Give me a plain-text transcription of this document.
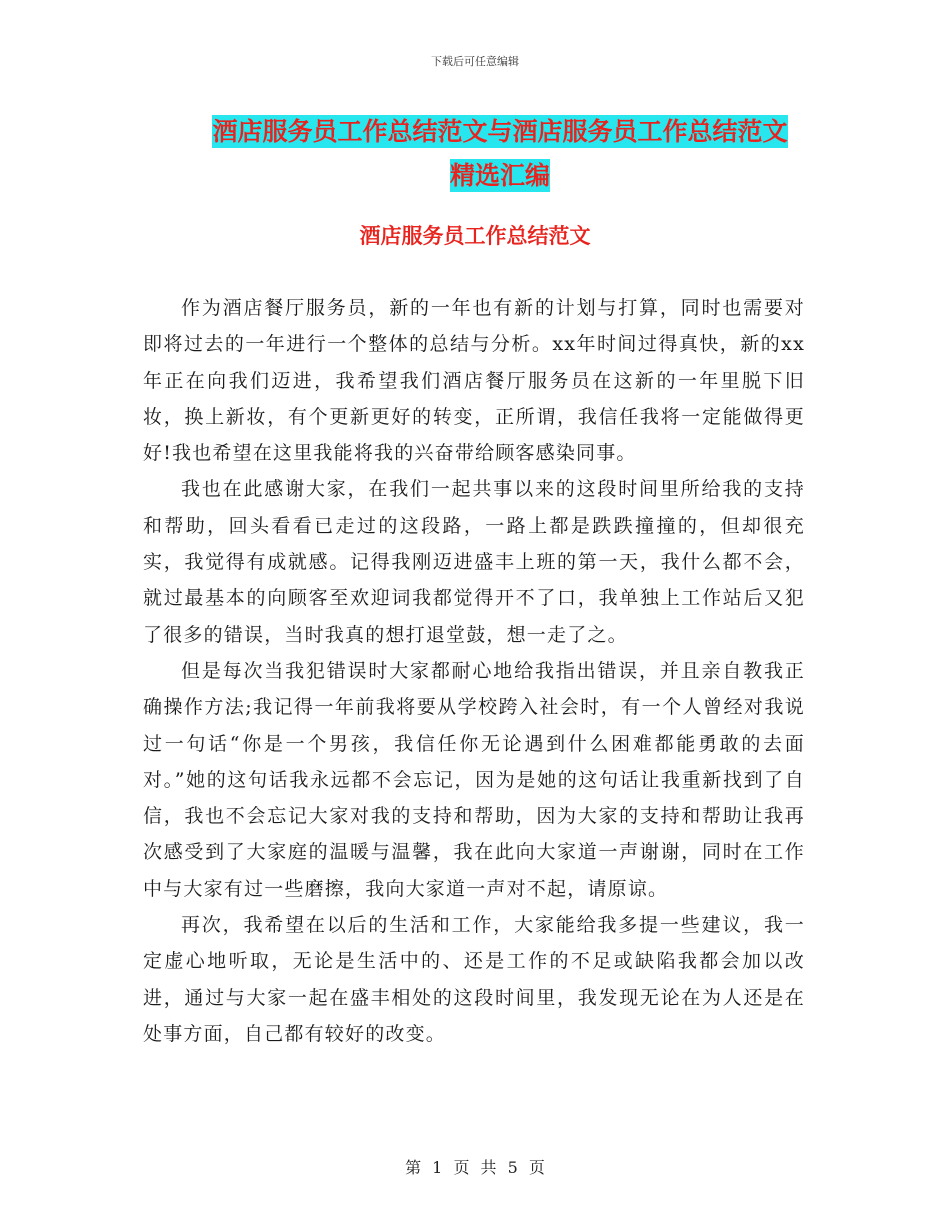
下载后可任意编辑
酒店服务员工作总结范文与酒店服务员工作总结范文
精选汇编
酒店服务员工作总结范文

作为酒店餐厅服务员，新的一年也有新的计划与打算，同时也需要对即将过去的一年进行一个整体的总结与分析。xx年时间过得真快，新的xx年正在向我们迈进，我希望我们酒店餐厅服务员在这新的一年里脱下旧妆，换上新妆，有个更新更好的转变，正所谓，我信任我将一定能做得更好!我也希望在这里我能将我的兴奋带给顾客感染同事。

我也在此感谢大家，在我们一起共事以来的这段时间里所给我的支持和帮助，回头看看已走过的这段路，一路上都是跌跌撞撞的，但却很充实，我觉得有成就感。记得我刚迈进盛丰上班的第一天，我什么都不会，就过最基本的向顾客至欢迎词我都觉得开不了口，我单独上工作站后又犯了很多的错误，当时我真的想打退堂鼓，想一走了之。

但是每次当我犯错误时大家都耐心地给我指出错误，并且亲自教我正确操作方法;我记得一年前我将要从学校跨入社会时，有一个人曾经对我说过一句话“你是一个男孩，我信任你无论遇到什么困难都能勇敢的去面对。”她的这句话我永远都不会忘记，因为是她的这句话让我重新找到了自信，我也不会忘记大家对我的支持和帮助，因为大家的支持和帮助让我再次感受到了大家庭的温暖与温馨，我在此向大家道一声谢谢，同时在工作中与大家有过一些磨擦，我向大家道一声对不起，请原谅。

再次，我希望在以后的生活和工作，大家能给我多提一些建议，我一定虚心地听取，无论是生活中的、还是工作的不足或缺陷我都会加以改进，通过与大家一起在盛丰相处的这段时间里，我发现无论在为人还是在处事方面，自己都有较好的改变。

第 1 页 共 5 页
